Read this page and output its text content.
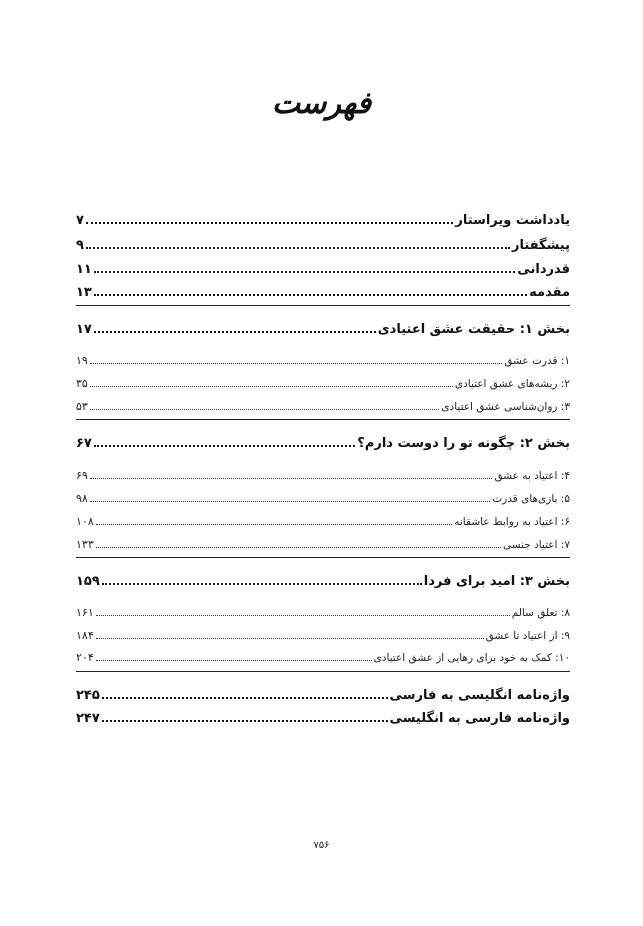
فهرست
یادداشت ویراستار
۷
پیشگفتار
۹
قدردانی
۱۱
مقدمه
۱۳
بخش ۱: حقیقت عشق اعتیادی
۱۷
۱: قدرت عشق
۱۹
۲: ریشه‌های عشق اعتیادی
۳۵
۳: روان‌شناسی عشق اعتیادی
۵۳
بخش ۲: چگونه تو را دوست دارم؟
۶۷
۴: اعتیاد به عشق
۶۹
۵: بازی‌های قدرت
۹۸
۶: اعتیاد به روابط عاشقانه
۱۰۸
۷: اعتیاد جنسی
۱۳۳
بخش ۳: امید برای فردا
۱۵۹
۸: تعلق سالم
۱۶۱
۹: از اعتیاد تا عشق
۱۸۴
۱۰: کمک به خود برای رهایی از عشق اعتیادی
۲۰۴
واژه‌نامه انگلیسی به فارسی
۲۴۵
واژه‌نامه فارسی به انگلیسی
۲۴۷
۷۵۶
